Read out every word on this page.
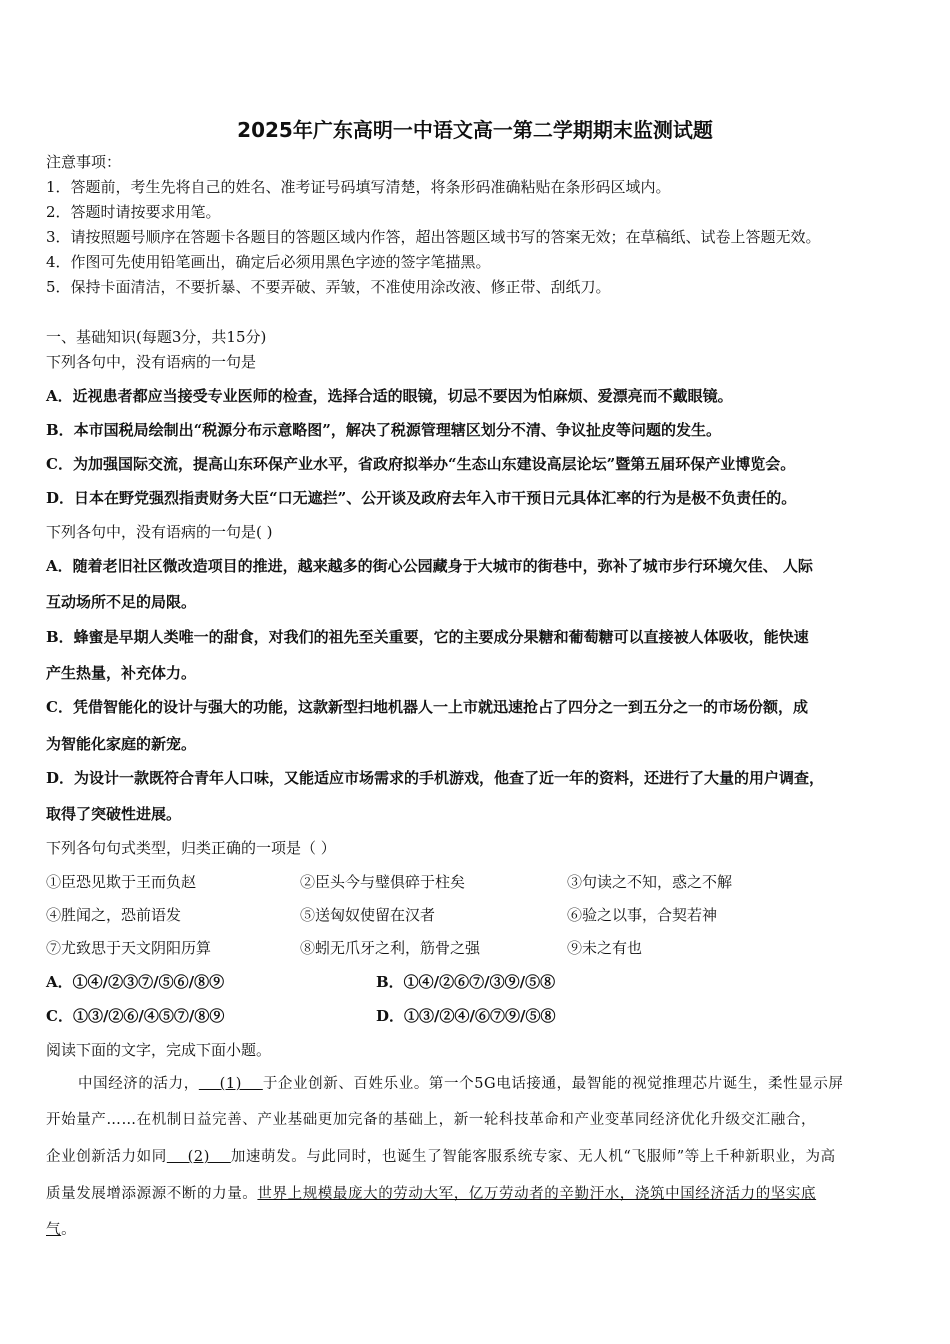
2025年广东高明一中语文高一第二学期期末监测试题
注意事项：
1．答题前，考生先将自己的姓名、准考证号码填写清楚，将条形码准确粘贴在条形码区域内。
2．答题时请按要求用笔。
3．请按照题号顺序在答题卡各题目的答题区域内作答，超出答题区域书写的答案无效；在草稿纸、试卷上答题无效。
4．作图可先使用铅笔画出，确定后必须用黑色字迹的签字笔描黑。
5．保持卡面清洁，不要折暴、不要弄破、弄皱，不准使用涂改液、修正带、刮纸刀。
一、基础知识(每题3分，共15分)
下列各句中，没有语病的一句是
A．近视患者都应当接受专业医师的检查，选择合适的眼镜，切忌不要因为怕麻烦、爱漂亮而不戴眼镜。
B．本市国税局绘制出“税源分布示意略图”，解决了税源管理辖区划分不清、争议扯皮等问题的发生。
C．为加强国际交流，提高山东环保产业水平，省政府拟举办“生态山东建设高层论坛”暨第五届环保产业博览会。
D．日本在野党强烈指责财务大臣“口无遮拦”、公开谈及政府去年入市干预日元具体汇率的行为是极不负责任的。
下列各句中，没有语病的一句是( )
A．随着老旧社区微改造项目的推进，越来越多的街心公园藏身于大城市的街巷中，弥补了城市步行环境欠佳、 人际
互动场所不足的局限。
B．蜂蜜是早期人类唯一的甜食，对我们的祖先至关重要，它的主要成分果糖和葡萄糖可以直接被人体吸收，能快速
产生热量，补充体力。
C．凭借智能化的设计与强大的功能，这款新型扫地机器人一上市就迅速抢占了四分之一到五分之一的市场份额，成
为智能化家庭的新宠。
D．为设计一款既符合青年人口味，又能适应市场需求的手机游戏，他查了近一年的资料，还进行了大量的用户调查，
取得了突破性进展。
下列各句句式类型，归类正确的一项是（ ）
①臣恐见欺于王而负赵	②臣头今与璧俱碎于柱矣	③句读之不知，惑之不解
④胜闻之，恐前语发	⑤送匈奴使留在汉者	⑥验之以事，合契若神
⑦尤致思于天文阴阳历算	⑧蚓无爪牙之利，筋骨之强	⑨未之有也
A．①④/②③⑦/⑤⑥/⑧⑨	B．①④/②⑥⑦/③⑨/⑤⑧
C．①③/②⑥/④⑤⑦/⑧⑨	D．①③/②④/⑥⑦⑨/⑤⑧
阅读下面的文字，完成下面小题。
中国经济的活力，    (1)    于企业创新、百姓乐业。第一个5G电话接通，最智能的视觉推理芯片诞生，柔性显示屏
开始量产……在机制日益完善、产业基础更加完备的基础上，新一轮科技革命和产业变革同经济优化升级交汇融合，
企业创新活力如同    (2)    加速萌发。与此同时，也诞生了智能客服系统专家、无人机“飞服师”等上千种新职业，为高
质量发展增添源源不断的力量。世界上规模最庞大的劳动大军，亿万劳动者的辛勤汗水，浇筑中国经济活力的坚实底
气。
